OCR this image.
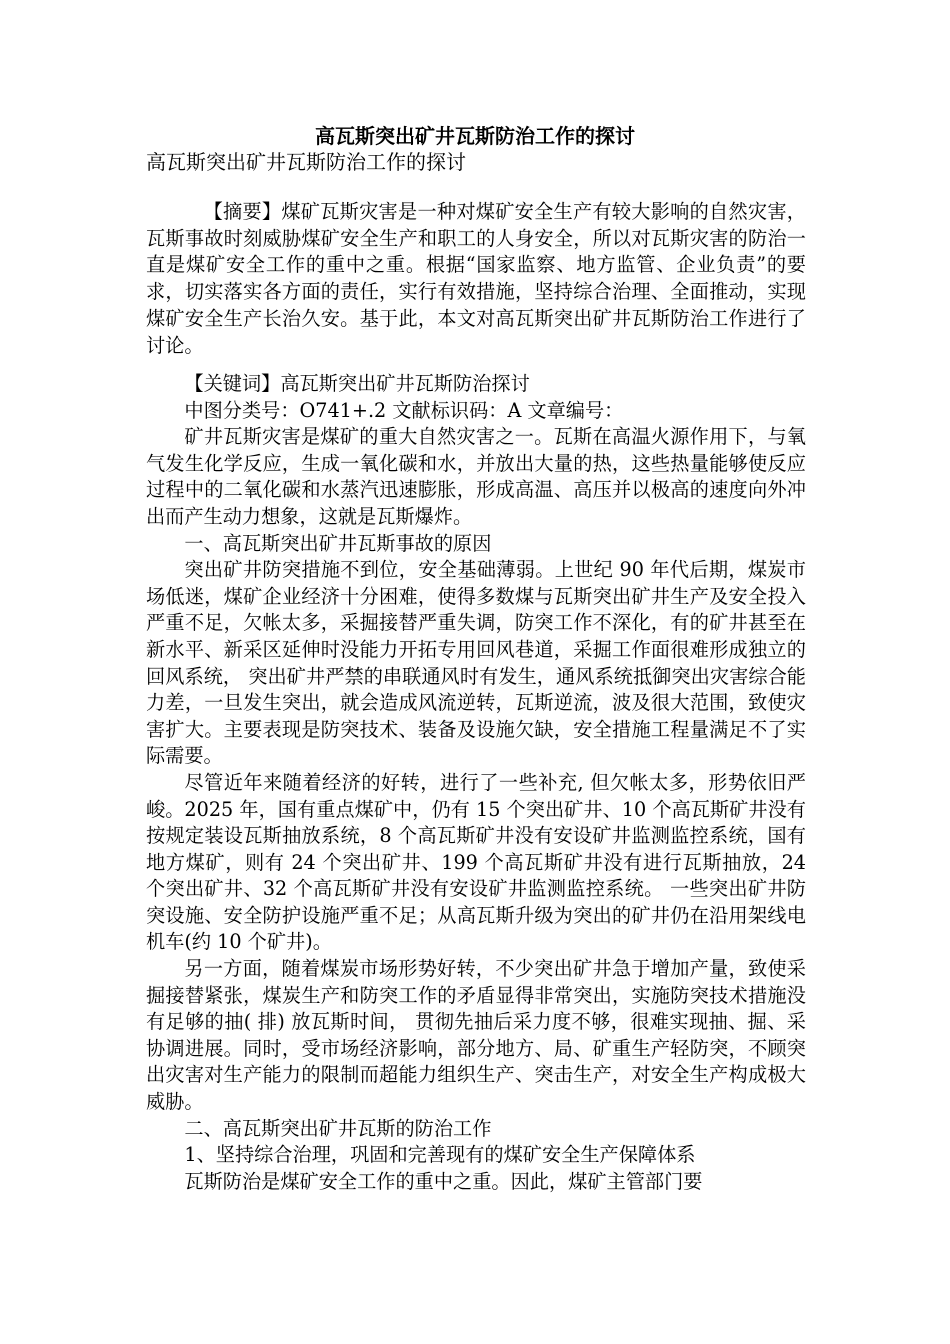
高瓦斯突出矿井瓦斯防治工作的探讨
高瓦斯突出矿井瓦斯防治工作的探讨

【摘要】煤矿瓦斯灾害是一种对煤矿安全生产有较大影响的自然灾害，瓦斯事故时刻威胁煤矿安全生产和职工的人身安全，所以对瓦斯灾害的防治一直是煤矿安全工作的重中之重。根据“国家监察、地方监管、企业负责”的要求，切实落实各方面的责任，实行有效措施，坚持综合治理、全面推动，实现煤矿安全生产长治久安。基于此，本文对高瓦斯突出矿井瓦斯防治工作进行了讨论。

【关键词】高瓦斯突出矿井瓦斯防治探讨

中图分类号：O741+.2 文献标识码：A 文章编号：

矿井瓦斯灾害是煤矿的重大自然灾害之一。瓦斯在高温火源作用下，与氧气发生化学反应，生成一氧化碳和水，并放出大量的热，这些热量能够使反应过程中的二氧化碳和水蒸汽迅速膨胀，形成高温、高压并以极高的速度向外冲出而产生动力想象，这就是瓦斯爆炸。

一、高瓦斯突出矿井瓦斯事故的原因

突出矿井防突措施不到位，安全基础薄弱。上世纪 90 年代后期，煤炭市场低迷，煤矿企业经济十分困难，使得多数煤与瓦斯突出矿井生产及安全投入严重不足，欠帐太多，采掘接替严重失调，防突工作不深化，有的矿井甚至在新水平、新采区延伸时没能力开拓专用回风巷道，采掘工作面很难形成独立的回风系统， 突出矿井严禁的串联通风时有发生，通风系统抵御突出灾害综合能力差，一旦发生突出，就会造成风流逆转，瓦斯逆流，波及很大范围，致使灾害扩大。主要表现是防突技术、装备及设施欠缺，安全措施工程量满足不了实际需要。

尽管近年来随着经济的好转，进行了一些补充, 但欠帐太多，形势依旧严峻。2025 年，国有重点煤矿中，仍有 15 个突出矿井、10 个高瓦斯矿井没有按规定装设瓦斯抽放系统，8 个高瓦斯矿井没有安设矿井监测监控系统，国有地方煤矿，则有 24 个突出矿井、199 个高瓦斯矿井没有进行瓦斯抽放，24 个突出矿井、32 个高瓦斯矿井没有安设矿井监测监控系统。 一些突出矿井防突设施、安全防护设施严重不足；从高瓦斯升级为突出的矿井仍在沿用架线电机车(约 10 个矿井)。

另一方面，随着煤炭市场形势好转，不少突出矿井急于增加产量，致使采掘接替紧张，煤炭生产和防突工作的矛盾显得非常突出，实施防突技术措施没有足够的抽( 排) 放瓦斯时间， 贯彻先抽后采力度不够，很难实现抽、掘、采协调进展。同时，受市场经济影响，部分地方、局、矿重生产轻防突，不顾突出灾害对生产能力的限制而超能力组织生产、突击生产，对安全生产构成极大威胁。

二、高瓦斯突出矿井瓦斯的防治工作

1、坚持综合治理，巩固和完善现有的煤矿安全生产保障体系

瓦斯防治是煤矿安全工作的重中之重。因此，煤矿主管部门要
